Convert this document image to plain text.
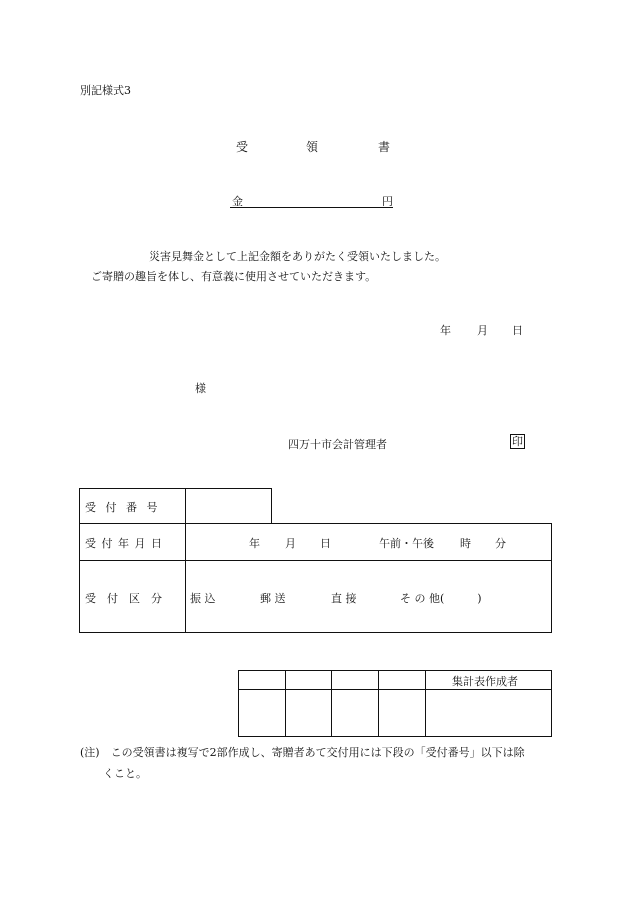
別記様式3
受	領	書
金	円
災害見舞金として上記金額をありがたく受領いたしました。
ご寄贈の趣旨を体し、有意義に使用させていただきます。
年 月 日
様
四万十市会計管理者	印
受 付 番 号
受 付 年 月 日	年 月 日	午前・午後 時 分
受　付　区　分	振 込	郵 送	直 接	そ の 他(　　　)
集計表作成者
(注)　この受領書は複写で2部作成し、寄贈者あて交付用には下段の「受付番号」以下は除
くこと。
